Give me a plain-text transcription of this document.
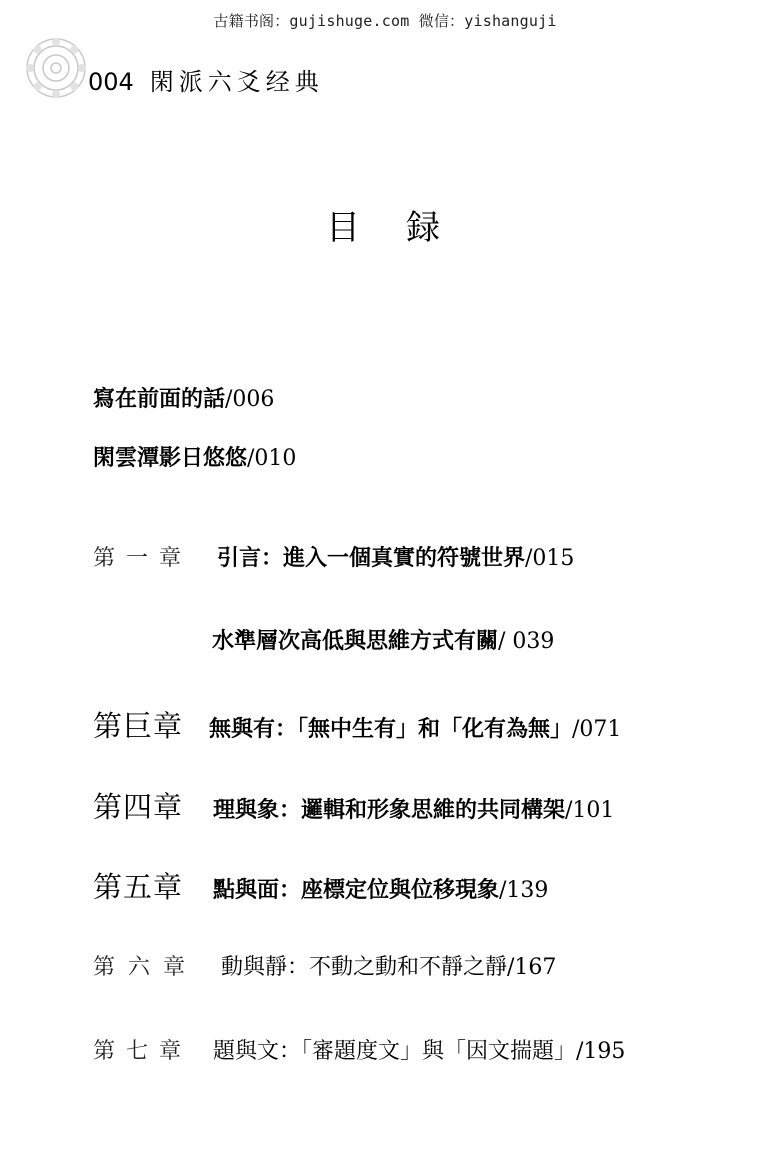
古籍书阁：gujishuge.com 微信：yishanguji
004 閑派六爻经典
目録
寫在前面的話/006
閑雲潭影日悠悠/010
第一章 引言：進入一個真實的符號世界/015
水準層次高低與思維方式有關/ 039
第巨章 無與有：「無中生有」和「化有為無」/071
第四章 理與象：邏輯和形象思維的共同構架/101
第五章 點與面：座標定位與位移現象/139
第六章 動與靜：不動之動和不靜之靜/167
第七章 題與文：「審題度文」與「因文揣題」/195
